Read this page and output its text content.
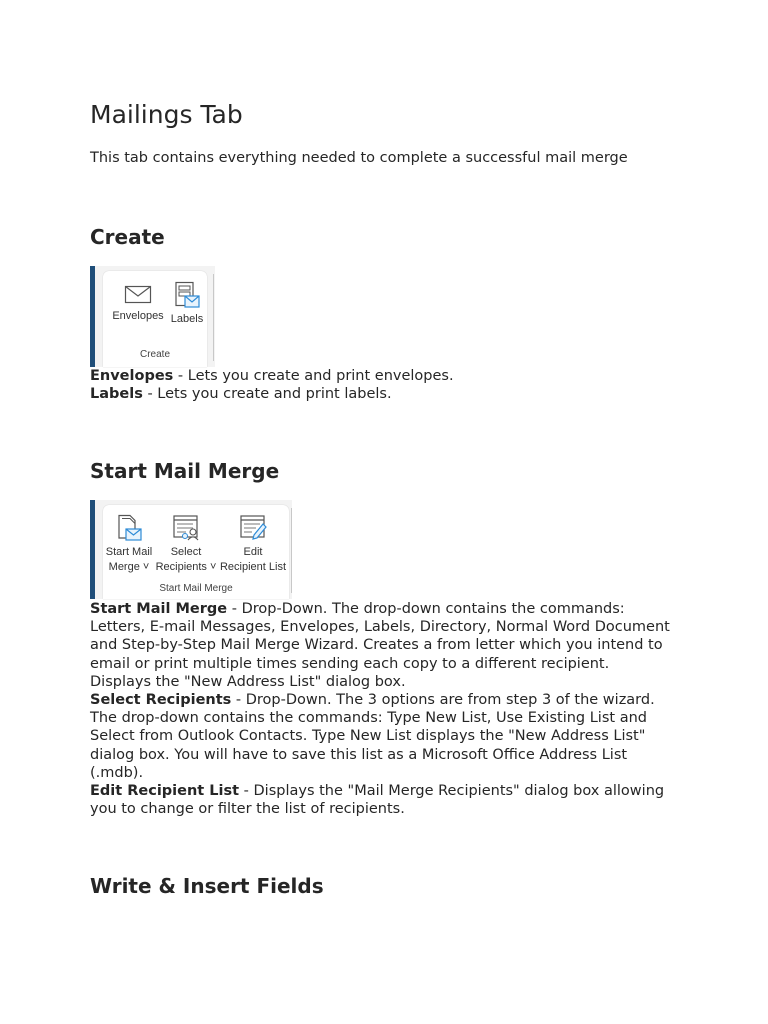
Mailings Tab

This tab contains everything needed to complete a successful mail merge

Create
Envelopes Labels
Create

Envelopes - Lets you create and print envelopes.
Labels - Lets you create and print labels.

Start Mail Merge
Start Mail
Merge ˅
Select
Recipients ˅
Edit
Recipient List
Start Mail Merge

Start Mail Merge - Drop-Down. The drop-down contains the commands: Letters, E-mail Messages, Envelopes, Labels, Directory, Normal Word Document and Step-by-Step Mail Merge Wizard. Creates a from letter which you intend to email or print multiple times sending each copy to a different recipient. Displays the "New Address List" dialog box.
Select Recipients - Drop-Down. The 3 options are from step 3 of the wizard. The drop-down contains the commands: Type New List, Use Existing List and Select from Outlook Contacts. Type New List displays the "New Address List" dialog box. You will have to save this list as a Microsoft Office Address List (.mdb).
Edit Recipient List - Displays the "Mail Merge Recipients" dialog box allowing you to change or filter the list of recipients.

Write & Insert Fields
